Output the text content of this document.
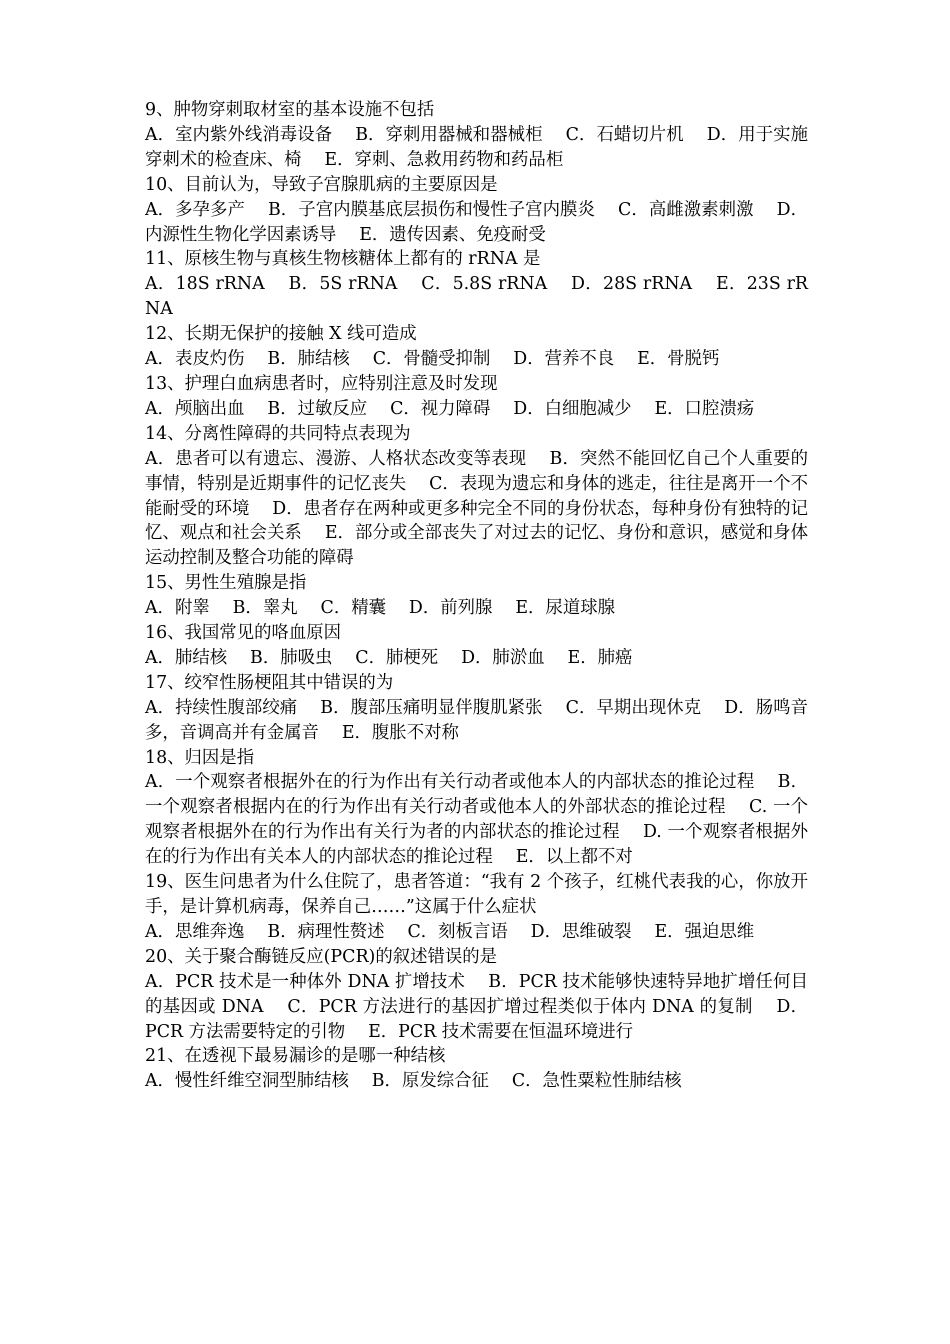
9、肿物穿刺取材室的基本设施不包括
A．室内紫外线消毒设备　 B．穿刺用器械和器械柜　 C．石蜡切片机　 D．用于实施穿刺术的检查床、椅　 E．穿刺、急救用药物和药品柜
10、目前认为，导致子宫腺肌病的主要原因是
A．多孕多产　 B．子宫内膜基底层损伤和慢性子宫内膜炎　 C．高雌激素刺激　 D．内源性生物化学因素诱导　 E．遗传因素、免疫耐受
11、原核生物与真核生物核糖体上都有的 rRNA 是
A．18S rRNA　 B．5S rRNA　 C．5.8S rRNA　 D．28S rRNA　 E．23S rRNA
12、长期无保护的接触 X 线可造成
A．表皮灼伤　 B．肺结核　 C．骨髓受抑制　 D．营养不良　 E．骨脱钙
13、护理白血病患者时，应特别注意及时发现
A．颅脑出血　 B．过敏反应　 C．视力障碍　 D．白细胞减少　 E．口腔溃疡
14、分离性障碍的共同特点表现为
A．患者可以有遗忘、漫游、人格状态改变等表现　 B．突然不能回忆自己个人重要的事情，特别是近期事件的记忆丧失　 C．表现为遗忘和身体的逃走，往往是离开一个不能耐受的环境　 D．患者存在两种或更多种完全不同的身份状态，每种身份有独特的记忆、观点和社会关系　 E．部分或全部丧失了对过去的记忆、身份和意识，感觉和身体运动控制及整合功能的障碍
15、男性生殖腺是指
A．附睾　 B．睾丸　 C．精囊　 D．前列腺　 E．尿道球腺
16、我国常见的咯血原因
A．肺结核　 B．肺吸虫　 C．肺梗死　 D．肺淤血　 E．肺癌
17、绞窄性肠梗阻其中错误的为
A．持续性腹部绞痛　 B．腹部压痛明显伴腹肌紧张　 C．早期出现休克　 D．肠鸣音多，音调高并有金属音　 E．腹胀不对称
18、归因是指
A．一个观察者根据外在的行为作出有关行动者或他本人的内部状态的推论过程　 B．一个观察者根据内在的行为作出有关行动者或他本人的外部状态的推论过程　 C. 一个观察者根据外在的行为作出有关行为者的内部状态的推论过程　 D. 一个观察者根据外在的行为作出有关本人的内部状态的推论过程　 E．以上都不对
19、医生问患者为什么住院了，患者答道：“我有 2 个孩子，红桃代表我的心，你放开手，是计算机病毒，保养自己……”这属于什么症状
A．思维奔逸　 B．病理性赘述　 C．刻板言语　 D．思维破裂　 E．强迫思维
20、关于聚合酶链反应(PCR)的叙述错误的是
A．PCR 技术是一种体外 DNA 扩增技术　 B．PCR 技术能够快速特异地扩增任何目的基因或 DNA　 C．PCR 方法进行的基因扩增过程类似于体内 DNA 的复制　 D．PCR 方法需要特定的引物　 E．PCR 技术需要在恒温环境进行
21、在透视下最易漏诊的是哪一种结核
A．慢性纤维空洞型肺结核　 B．原发综合征　 C．急性粟粒性肺结核
